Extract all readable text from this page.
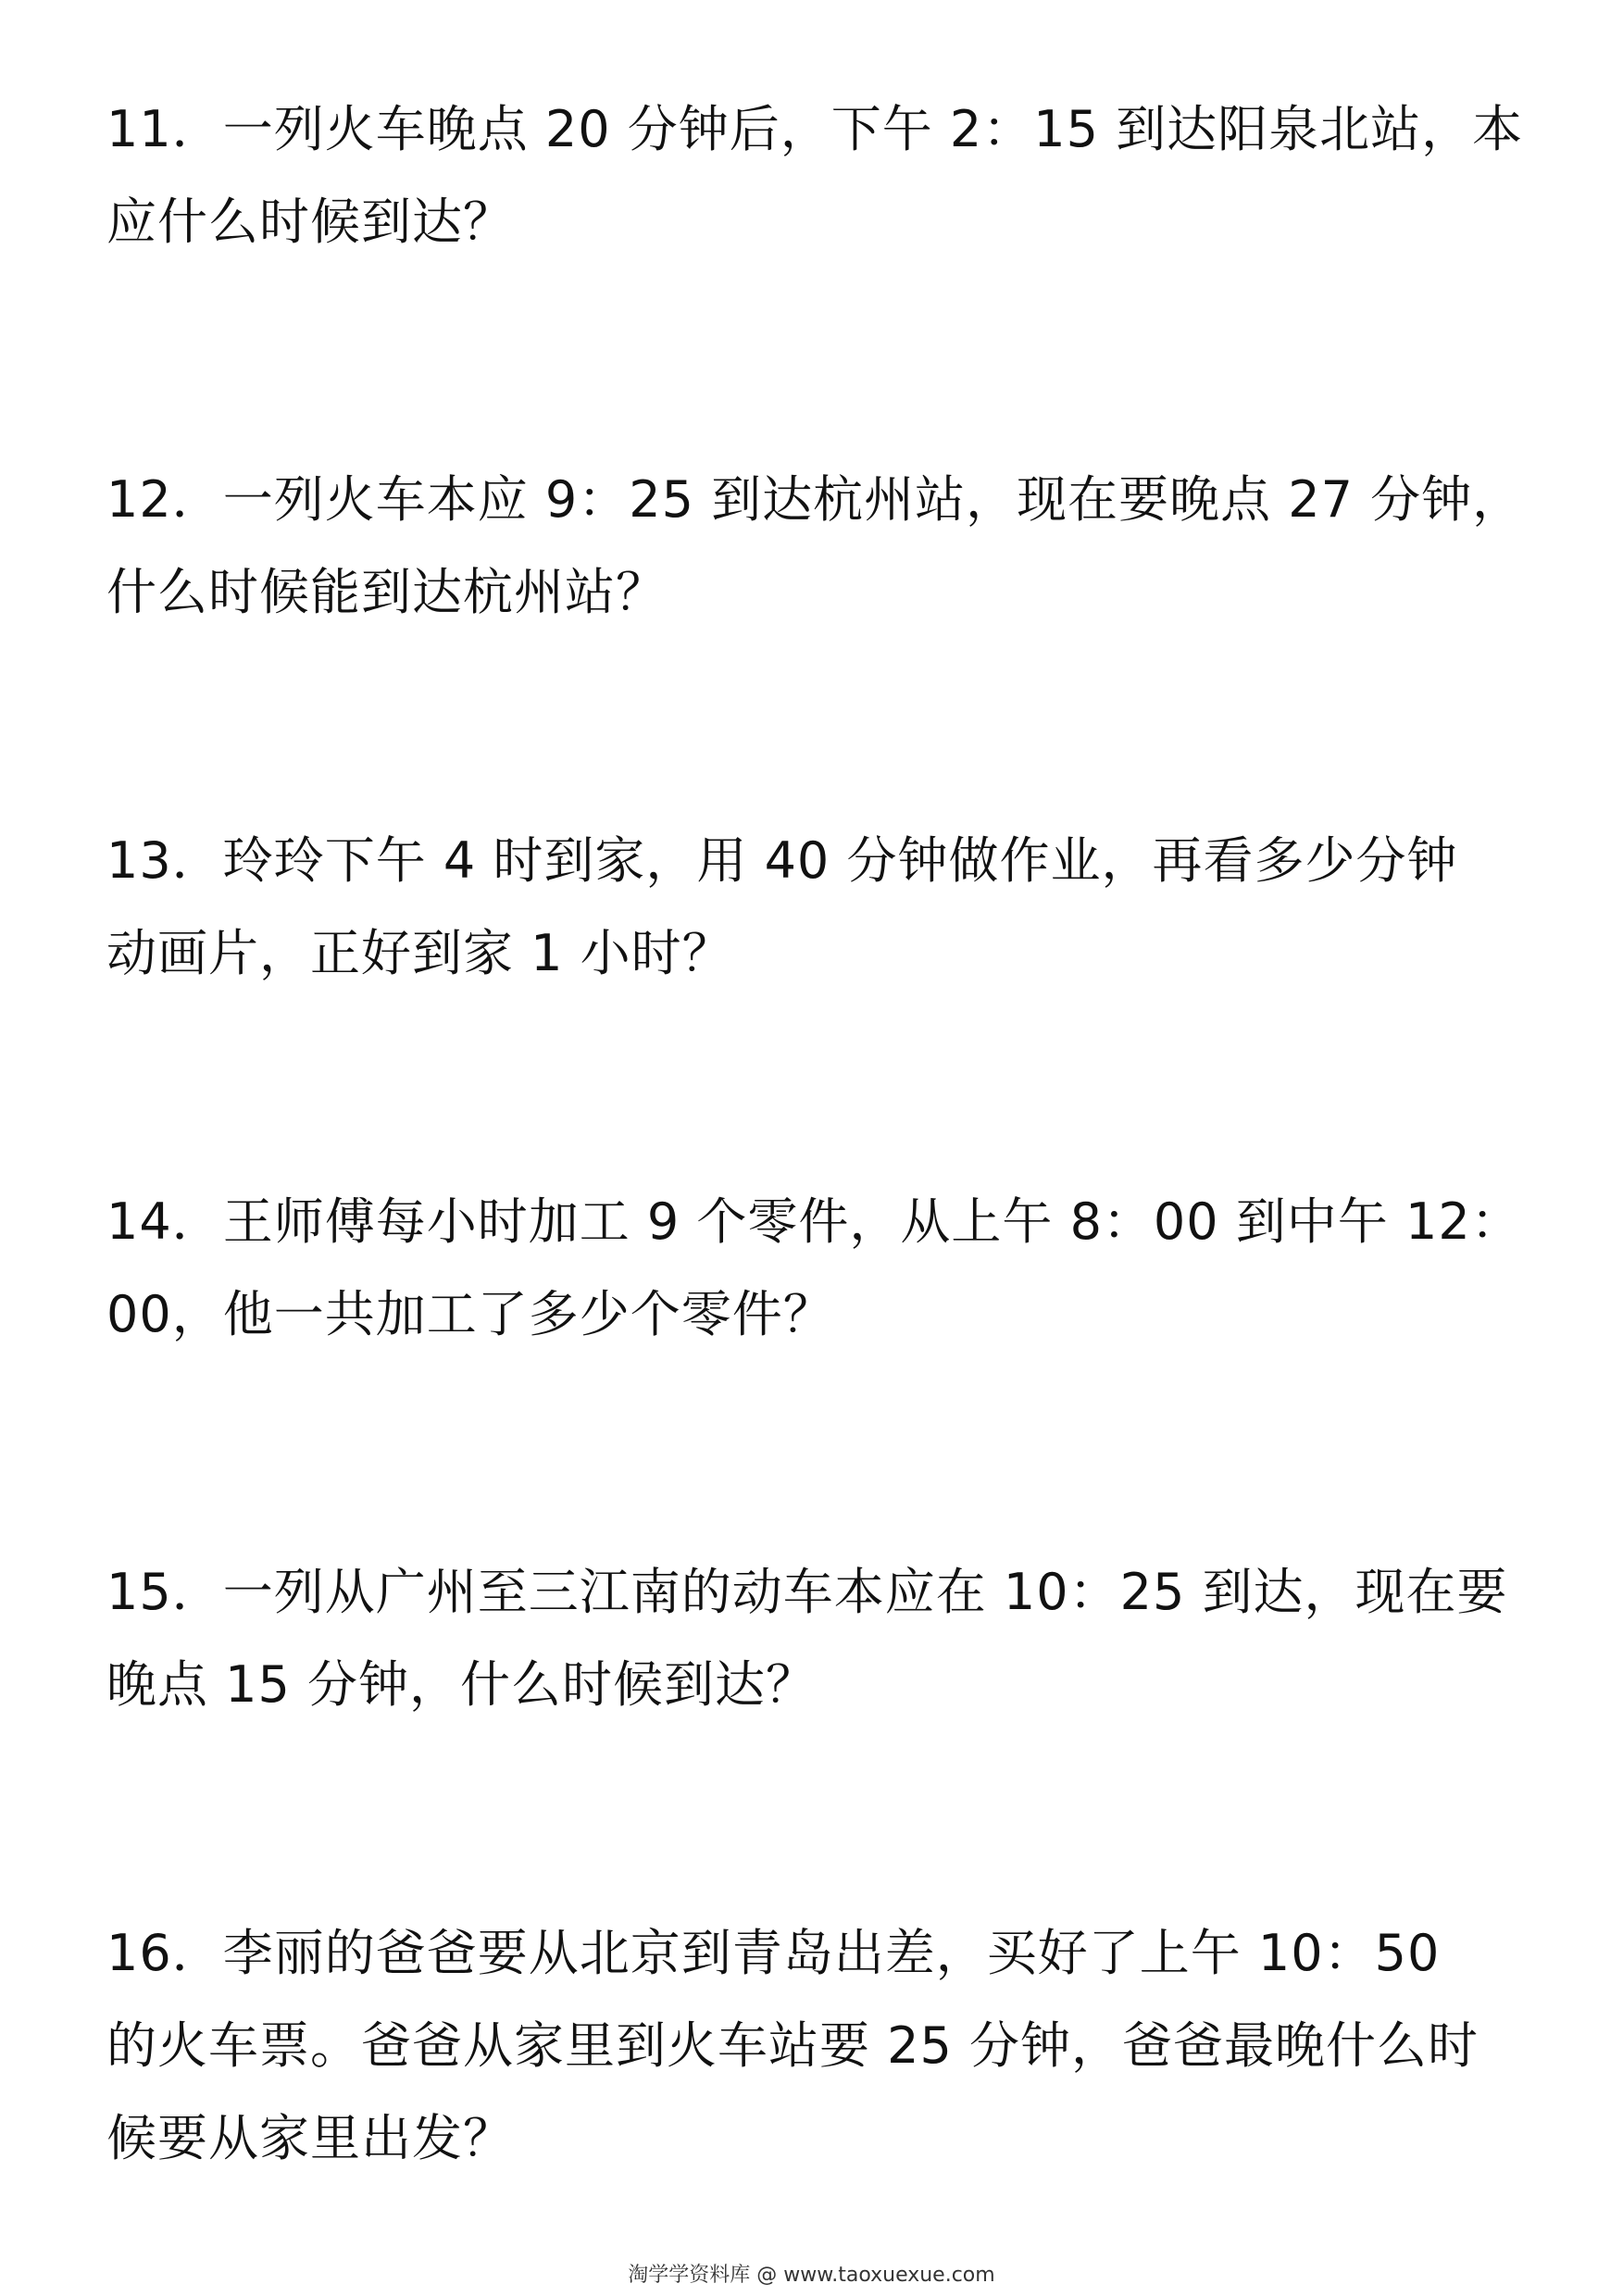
11．一列火车晚点 20 分钟后，下午 2：15 到达阳泉北站，本
应什么时候到达？

12．一列火车本应 9：25 到达杭州站，现在要晚点 27 分钟，
什么时候能到达杭州站？

13．玲玲下午 4 时到家，用 40 分钟做作业，再看多少分钟
动画片，正好到家 1 小时？

14．王师傅每小时加工 9 个零件，从上午 8：00 到中午 12：
00，他一共加工了多少个零件？

15．一列从广州至三江南的动车本应在 10：25 到达，现在要
晚点 15 分钟，什么时候到达？

16．李丽的爸爸要从北京到青岛出差，买好了上午 10：50
的火车票。爸爸从家里到火车站要 25 分钟，爸爸最晚什么时
候要从家里出发？

淘学学资料库 @ www.taoxuexue.com
